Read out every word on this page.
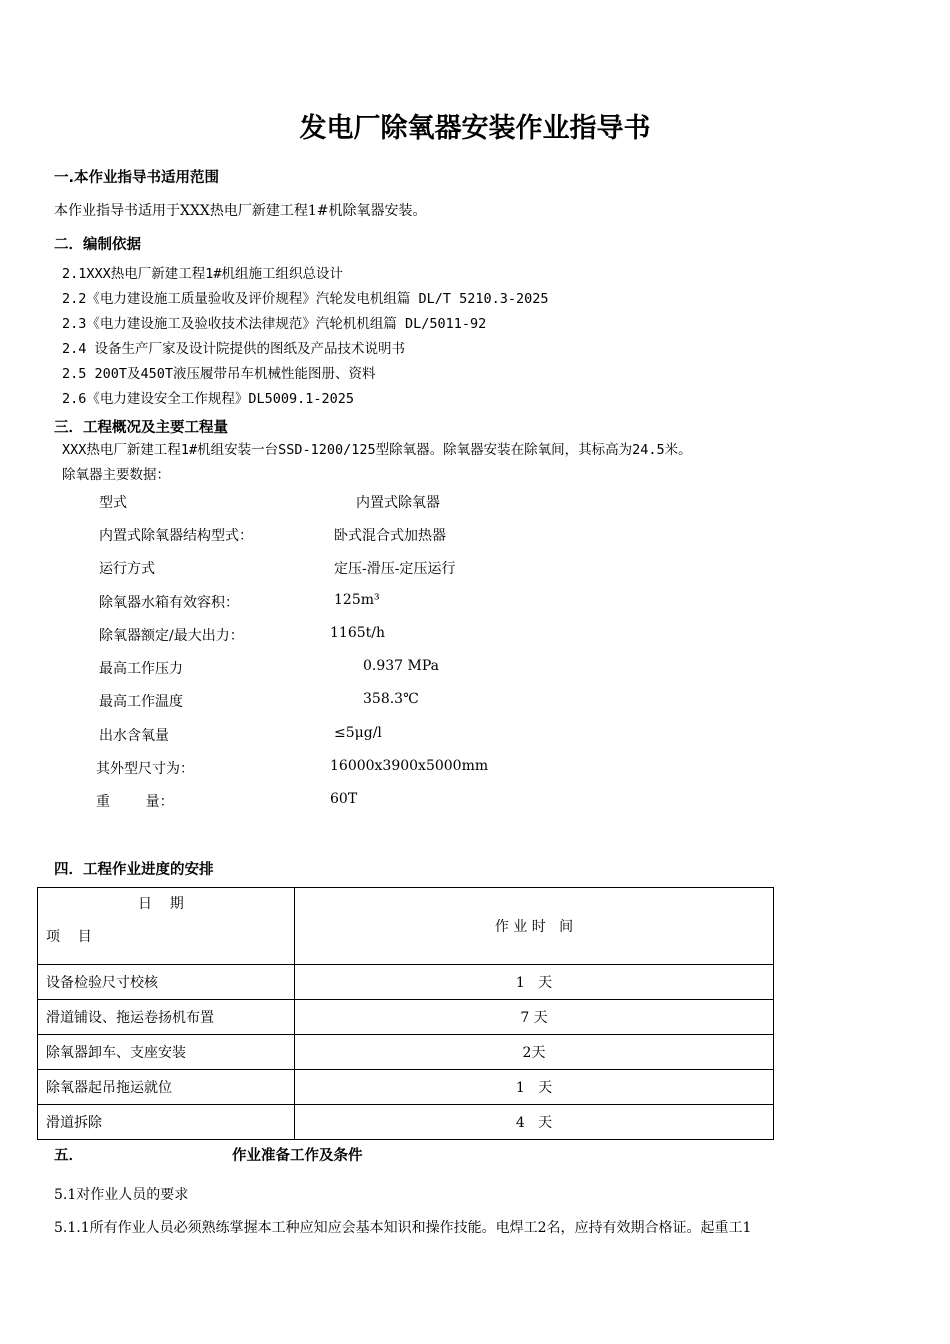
发电厂除氧器安装作业指导书
一.本作业指导书适用范围
本作业指导书适用于XXX热电厂新建工程1#机除氧器安装。
二．编制依据
2.1XXX热电厂新建工程1#机组施工组织总设计
2.2《电力建设施工质量验收及评价规程》汽轮发电机组篇 DL/T 5210.3-2025
2.3《电力建设施工及验收技术法律规范》汽轮机机组篇 DL/5011-92
2.4 设备生产厂家及设计院提供的图纸及产品技术说明书
2.5 200T及450T液压履带吊车机械性能图册、资料
2.6《电力建设安全工作规程》DL5009.1-2025
三．工程概况及主要工程量
XXX热电厂新建工程1#机组安装一台SSD-1200/125型除氧器。除氧器安装在除氧间，其标高为24.5米。
除氧器主要数据：
型式	内置式除氧器
内置式除氧器结构型式：	卧式混合式加热器
运行方式	定压-滑压-定压运行
除氧器水箱有效容积：	125m³
除氧器额定/最大出力：	1165t/h
最高工作压力	0.937 MPa
最高工作温度	358.3℃
出水含氧量	≤5μg/l
其外型尺寸为：	16000x3900x5000mm
重        量：	60T
四．工程作业进度的安排
日    期
项    目	作 业 时   间
设备检验尺寸校核	1   天
滑道铺设、拖运卷扬机布置	7 天
除氧器卸车、支座安装	2天
除氧器起吊拖运就位	1   天
滑道拆除	4   天
五．	作业准备工作及条件
5.1对作业人员的要求
5.1.1所有作业人员必须熟练掌握本工种应知应会基本知识和操作技能。电焊工2名，应持有效期合格证。起重工1
